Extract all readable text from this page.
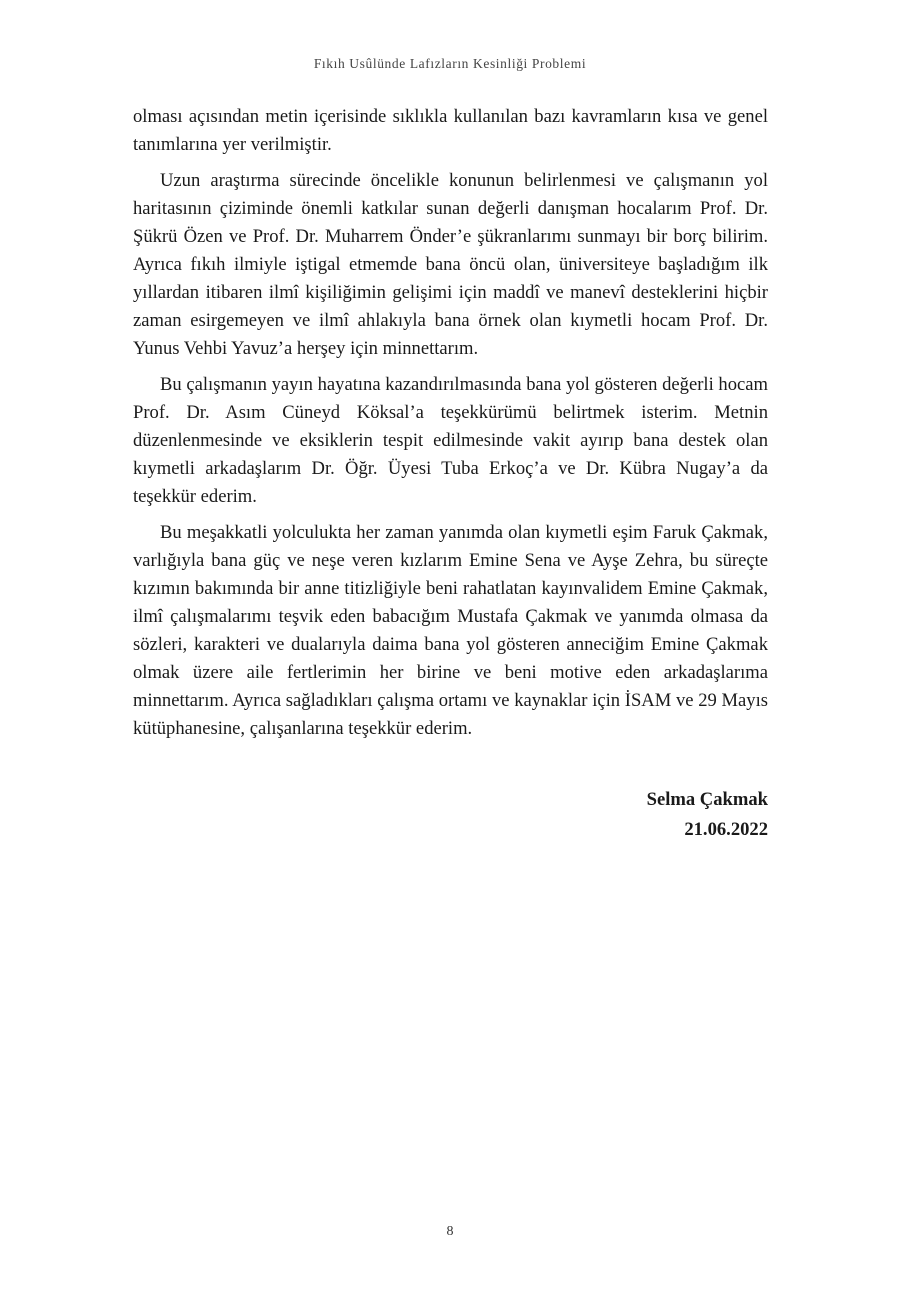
Fıkıh Usûlünde Lafızların Kesinliği Problemi

olması açısından metin içerisinde sıklıkla kullanılan bazı kavramların kısa ve genel tanımlarına yer verilmiştir.

Uzun araştırma sürecinde öncelikle konunun belirlenmesi ve çalışmanın yol haritasının çiziminde önemli katkılar sunan değerli danışman hocalarım Prof. Dr. Şükrü Özen ve Prof. Dr. Muharrem Önder’e şükranlarımı sunmayı bir borç bilirim. Ayrıca fıkıh ilmiyle iştigal etmemde bana öncü olan, üniversiteye başladığım ilk yıllardan itibaren ilmî kişiliğimin gelişimi için maddî ve manevî desteklerini hiçbir zaman esirgemeyen ve ilmî ahlakıyla bana örnek olan kıymetli hocam Prof. Dr. Yunus Vehbi Yavuz’a herşey için minnettarım.

Bu çalışmanın yayın hayatına kazandırılmasında bana yol gösteren değerli hocam Prof. Dr. Asım Cüneyd Köksal’a teşekkürümü belirtmek isterim. Metnin düzenlenmesinde ve eksiklerin tespit edilmesinde vakit ayırıp bana destek olan kıymetli arkadaşlarım Dr. Öğr. Üyesi Tuba Erkoç’a ve Dr. Kübra Nugay’a da teşekkür ederim.

Bu meşakkatli yolculukta her zaman yanımda olan kıymetli eşim Faruk Çakmak, varlığıyla bana güç ve neşe veren kızlarım Emine Sena ve Ayşe Zehra, bu süreçte kızımın bakımında bir anne titizliğiyle beni rahatlatan kayınvalidem Emine Çakmak, ilmî çalışmalarımı teşvik eden babacığım Mustafa Çakmak ve yanımda olmasa da sözleri, karakteri ve dualarıyla daima bana yol gösteren anneciğim Emine Çakmak olmak üzere aile fertlerimin her birine ve beni motive eden arkadaşlarıma minnettarım. Ayrıca sağladıkları çalışma ortamı ve kaynaklar için İSAM ve 29 Mayıs kütüphanesine, çalışanlarına teşekkür ederim.

Selma Çakmak
21.06.2022
8
